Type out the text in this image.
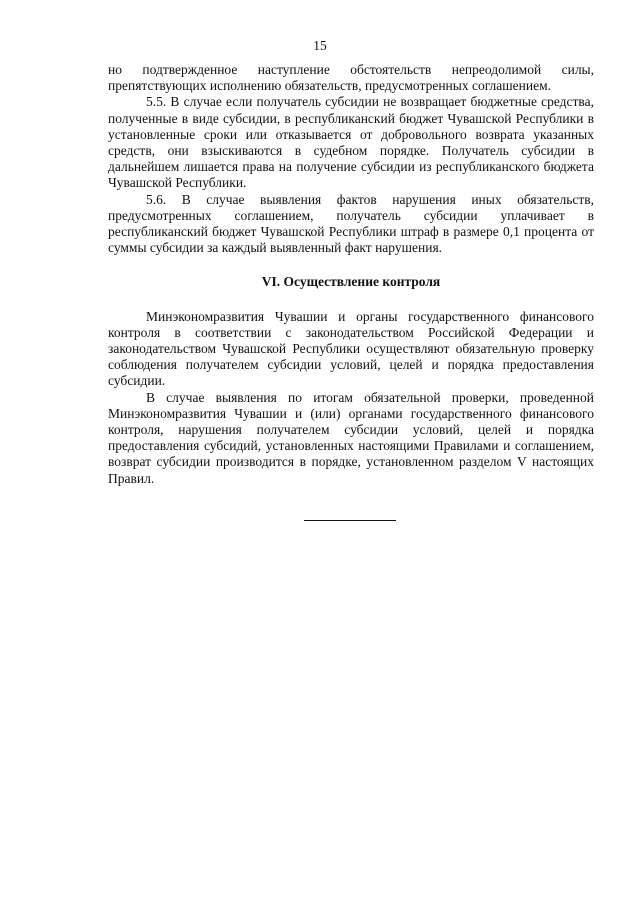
15

но подтвержденное наступление обстоятельств непреодолимой силы, препятствующих исполнению обязательств, предусмотренных соглашением.

5.5. В случае если получатель субсидии не возвращает бюджетные средства, полученные в виде субсидии, в республиканский бюджет Чувашской Республики в установленные сроки или отказывается от добровольного возврата указанных средств, они взыскиваются в судебном порядке. Получатель субсидии в дальнейшем лишается права на получение субсидии из республиканского бюджета Чувашской Республики.

5.6. В случае выявления фактов нарушения иных обязательств, предусмотренных соглашением, получатель субсидии уплачивает в республиканский бюджет Чувашской Республики штраф в размере 0,1 процента от суммы субсидии за каждый выявленный факт нарушения.

VI. Осуществление контроля

Минэкономразвития Чувашии и органы государственного финансового контроля в соответствии с законодательством Российской Федерации и законодательством Чувашской Республики осуществляют обязательную проверку соблюдения получателем субсидии условий, целей и порядка предоставления субсидии.

В случае выявления по итогам обязательной проверки, проведенной Минэкономразвития Чувашии и (или) органами государственного финансового контроля, нарушения получателем субсидии условий, целей и порядка предоставления субсидий, установленных настоящими Правилами и соглашением, возврат субсидии производится в порядке, установленном разделом V настоящих Правил.
